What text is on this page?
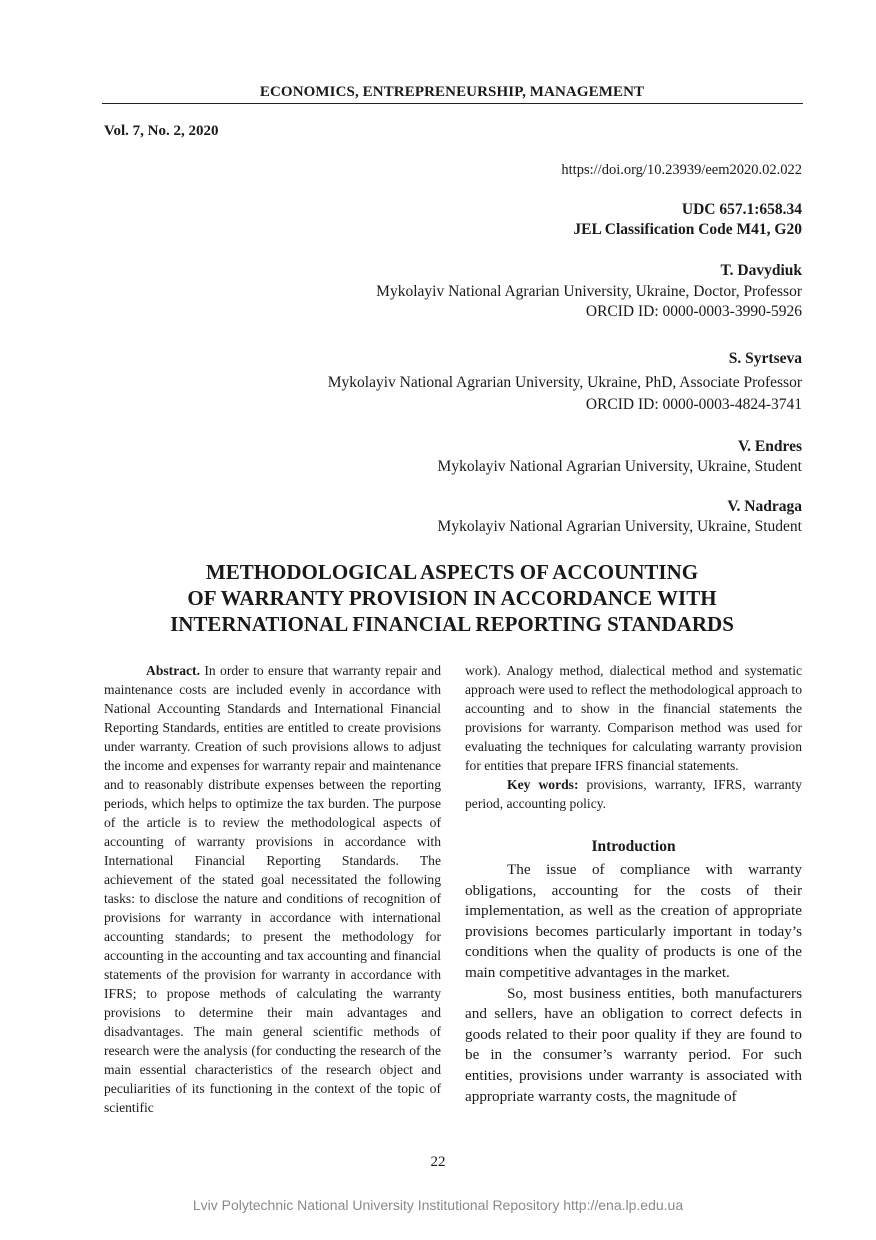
ECONOMICS, ENTREPRENEURSHIP, MANAGEMENT
Vol. 7, No. 2, 2020
https://doi.org/10.23939/eem2020.02.022
UDC 657.1:658.34
JEL Classification Code M41, G20
T. Davydiuk
Mykolayiv National Agrarian University, Ukraine, Doctor, Professor
ORCID ID: 0000-0003-3990-5926
S. Syrtseva
Mykolayiv National Agrarian University, Ukraine, PhD, Associate Professor
ORCID ID: 0000-0003-4824-3741
V. Endres
Mykolayiv National Agrarian University, Ukraine, Student
V. Nadraga
Mykolayiv National Agrarian University, Ukraine, Student
METHODOLOGICAL ASPECTS OF ACCOUNTING
OF WARRANTY PROVISION IN ACCORDANCE WITH
INTERNATIONAL FINANCIAL REPORTING STANDARDS

Abstract. In order to ensure that warranty repair and maintenance costs are included evenly in accordance with National Accounting Standards and International Financial Reporting Standards, entities are entitled to create provisions under warranty. Creation of such provisions allows to adjust the income and expenses for warranty repair and maintenance and to reasonably distribute expenses between the reporting periods, which helps to optimize the tax burden. The purpose of the article is to review the methodological aspects of accounting of warranty provisions in accordance with International Financial Reporting Standards. The achievement of the stated goal necessitated the following tasks: to disclose the nature and conditions of recognition of provisions for warranty in accordance with international accounting standards; to present the methodology for accounting in the accounting and tax accounting and financial statements of the provision for warranty in accordance with IFRS; to propose methods of calculating the warranty provisions to determine their main advantages and disadvantages. The main general scientific methods of research were the analysis (for conducting the research of the main essential characteristics of the research object and peculiarities of its functioning in the context of the topic of scientific

work). Analogy method, dialectical method and systematic approach were used to reflect the methodological approach to accounting and to show in the financial statements the provisions for warranty. Comparison method was used for evaluating the techniques for calculating warranty provision for entities that prepare IFRS financial statements.

Key words: provisions, warranty, IFRS, warranty period, accounting policy.

Introduction

The issue of compliance with warranty obligations, accounting for the costs of their implementation, as well as the creation of appropriate provisions becomes particularly important in today’s conditions when the quality of products is one of the main competitive advantages in the market.

So, most business entities, both manufacturers and sellers, have an obligation to correct defects in goods related to their poor quality if they are found to be in the consumer’s warranty period. For such entities, provisions under warranty is associated with appropriate warranty costs, the magnitude of

22
Lviv Polytechnic National University Institutional Repository http://ena.lp.edu.ua
